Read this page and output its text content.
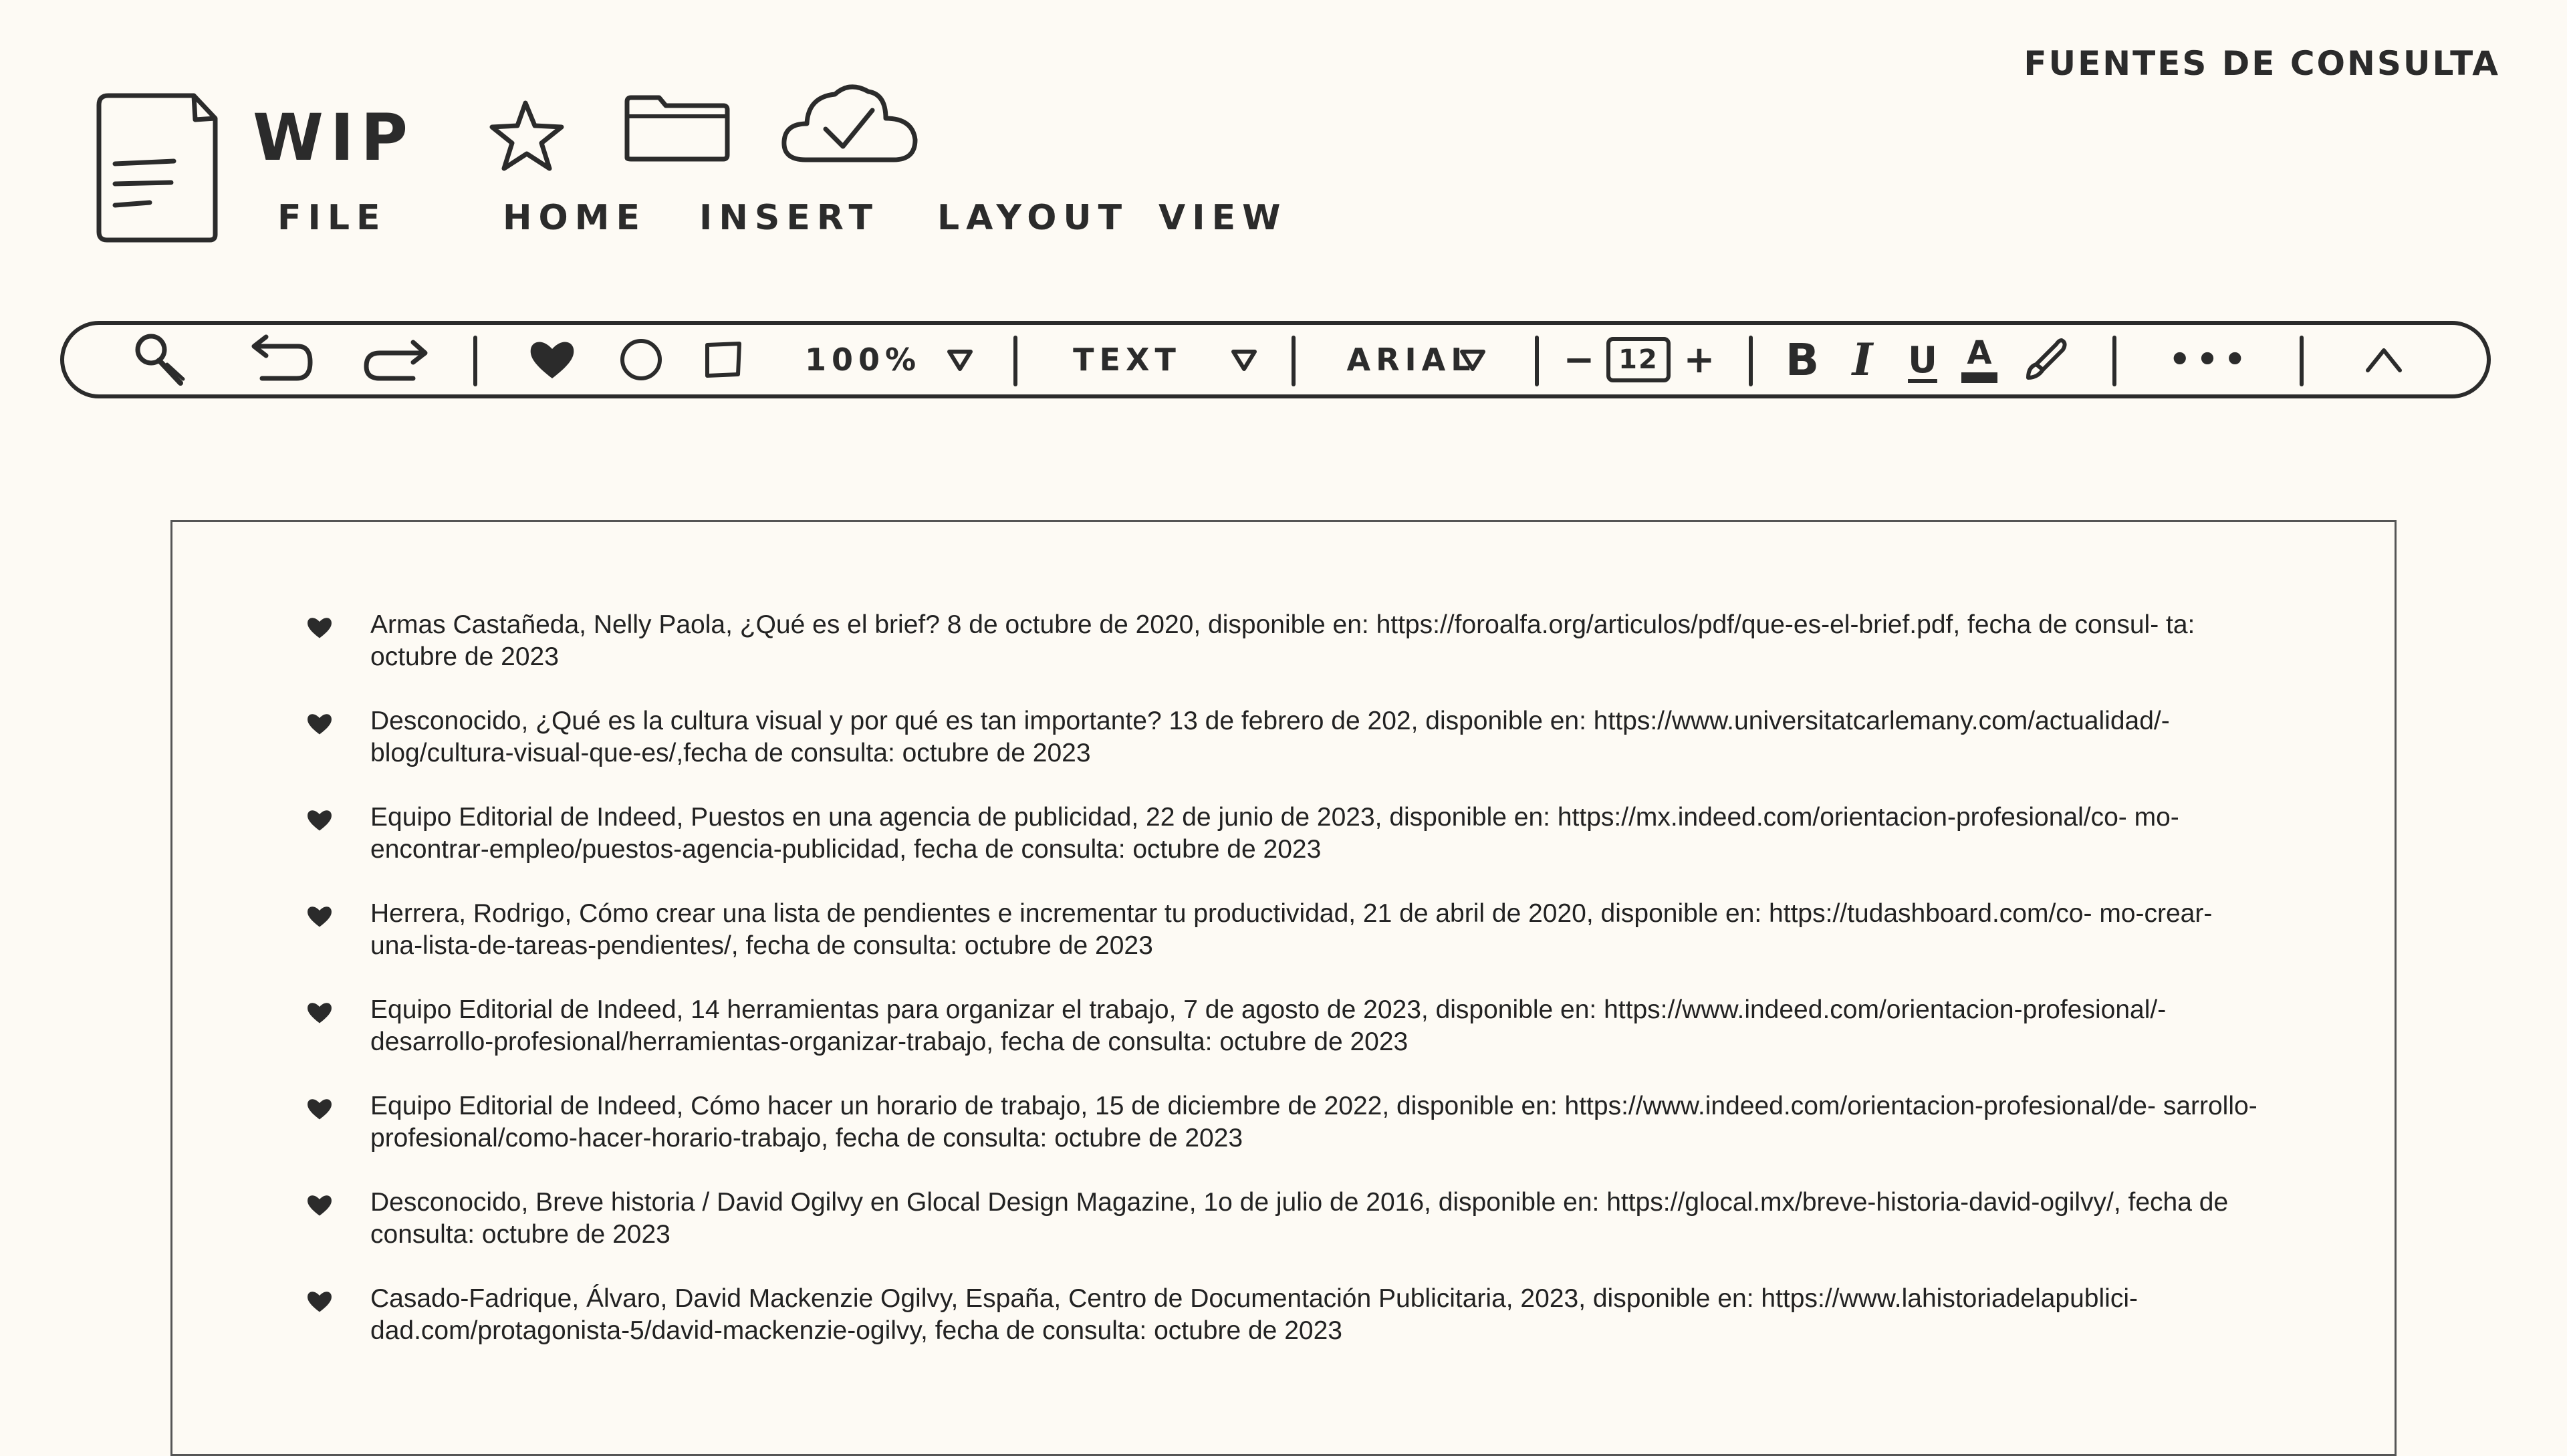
FUENTES DE CONSULTA
WIP
FILE	HOME INSERT LAYOUT VIEW
100%	TEXT	ARIAL	− 12 + B I U A	•••
Armas Castañeda, Nelly Paola, ¿Qué es el brief? 8 de octubre de 2020, disponible en: https://foroalfa.org/articulos/pdf/que-es-el-brief.pdf, fecha de consul- ta: octubre de 2023
Desconocido, ¿Qué es la cultura visual y por qué es tan importante? 13 de febrero de 202, disponible en: https://www.universitatcarlemany.com/actualidad/- blog/cultura-visual-que-es/,fecha de consulta: octubre de 2023
Equipo Editorial de Indeed, Puestos en una agencia de publicidad, 22 de junio de 2023, disponible en: https://mx.indeed.com/orientacion-profesional/co- mo-encontrar-empleo/puestos-agencia-publicidad, fecha de consulta: octubre de 2023
Herrera, Rodrigo, Cómo crear una lista de pendientes e incrementar tu productividad, 21 de abril de 2020, disponible en: https://tudashboard.com/co- mo-crear-una-lista-de-tareas-pendientes/, fecha de consulta: octubre de 2023
Equipo Editorial de Indeed, 14 herramientas para organizar el trabajo, 7 de agosto de 2023, disponible en: https://www.indeed.com/orientacion-profesional/- desarrollo-profesional/herramientas-organizar-trabajo, fecha de consulta: octubre de 2023
Equipo Editorial de Indeed, Cómo hacer un horario de trabajo, 15 de diciembre de 2022, disponible en: https://www.indeed.com/orientacion-profesional/de- sarrollo-profesional/como-hacer-horario-trabajo, fecha de consulta: octubre de 2023
Desconocido, Breve historia / David Ogilvy en Glocal Design Magazine, 1o de julio de 2016, disponible en: https://glocal.mx/breve-historia-david-ogilvy/, fecha de consulta: octubre de 2023
Casado-Fadrique, Álvaro, David Mackenzie Ogilvy, España, Centro de Documentación Publicitaria, 2023, disponible en: https://www.lahistoriadelapublici- dad.com/protagonista-5/david-mackenzie-ogilvy, fecha de consulta: octubre de 2023
